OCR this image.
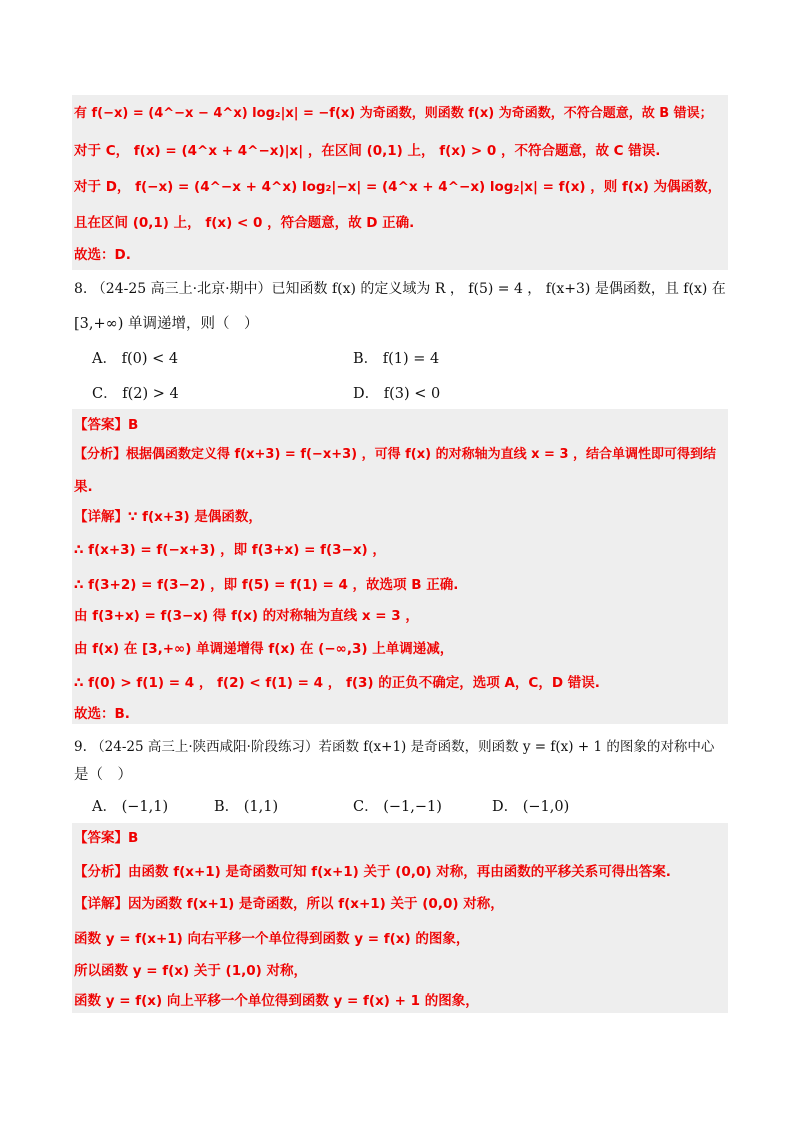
有 f(−x) = (4^−x − 4^x) log₂|x| = −f(x) 为奇函数，则函数 f(x) 为奇函数，不符合题意，故 B 错误；
对于 C， f(x) = (4^x + 4^−x)|x| ，在区间 (0,1) 上， f(x) > 0 ，不符合题意，故 C 错误.
对于 D， f(−x) = (4^−x + 4^x) log₂|−x| = (4^x + 4^−x) log₂|x| = f(x) ，则 f(x) 为偶函数，
且在区间 (0,1) 上， f(x) < 0 ，符合题意，故 D 正确.
故选：D.
8. （24-25 高三上·北京·期中）已知函数 f(x) 的定义域为 R ， f(5) = 4 ， f(x+3) 是偶函数，且 f(x) 在
[3,+∞) 单调递增，则（　）
A． f(0) < 4	B． f(1) = 4
C． f(2) > 4	D． f(3) < 0
【答案】B
【分析】根据偶函数定义得 f(x+3) = f(−x+3) ，可得 f(x) 的对称轴为直线 x = 3 ，结合单调性即可得到结
果.
【详解】∵ f(x+3) 是偶函数，
∴ f(x+3) = f(−x+3) ，即 f(3+x) = f(3−x) ，
∴ f(3+2) = f(3−2) ，即 f(5) = f(1) = 4 ，故选项 B 正确.
由 f(3+x) = f(3−x) 得 f(x) 的对称轴为直线 x = 3 ，
由 f(x) 在 [3,+∞) 单调递增得 f(x) 在 (−∞,3) 上单调递减，
∴ f(0) > f(1) = 4 ， f(2) < f(1) = 4 ， f(3) 的正负不确定，选项 A，C，D 错误.
故选：B.
9. （24-25 高三上·陕西咸阳·阶段练习）若函数 f(x+1) 是奇函数，则函数 y = f(x) + 1 的图象的对称中心
是（　）
A． (−1,1)	B． (1,1)	C． (−1,−1)	D． (−1,0)
【答案】B
【分析】由函数 f(x+1) 是奇函数可知 f(x+1) 关于 (0,0) 对称，再由函数的平移关系可得出答案.
【详解】因为函数 f(x+1) 是奇函数，所以 f(x+1) 关于 (0,0) 对称，
函数 y = f(x+1) 向右平移一个单位得到函数 y = f(x) 的图象，
所以函数 y = f(x) 关于 (1,0) 对称，
函数 y = f(x) 向上平移一个单位得到函数 y = f(x) + 1 的图象，
